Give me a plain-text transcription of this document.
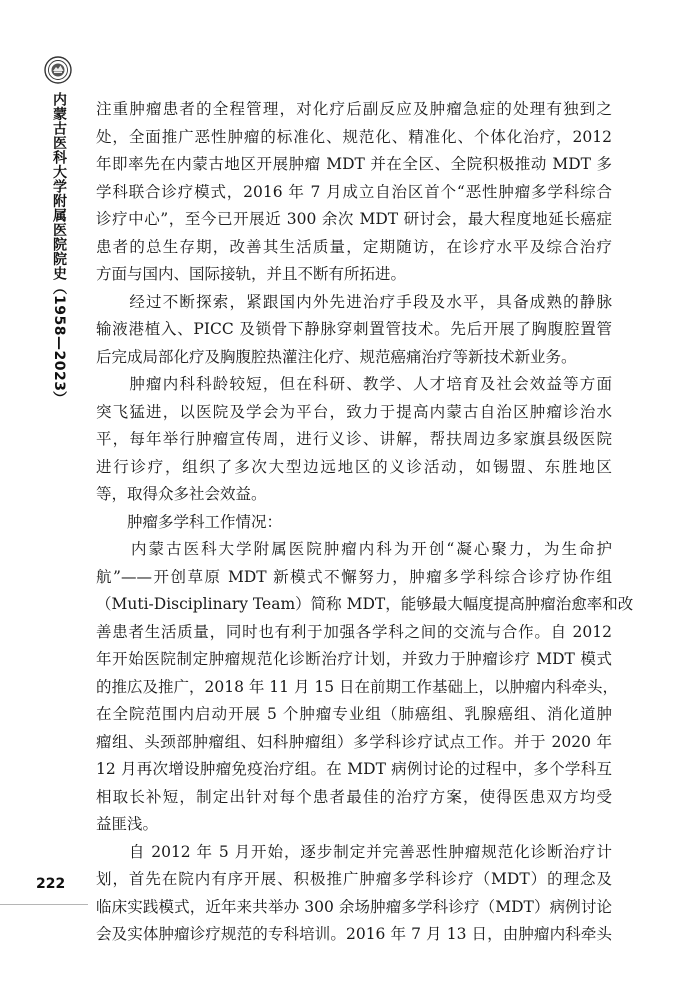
内蒙古医科大学附属医院院史（1958—2023）
222
注重肿瘤患者的全程管理，对化疗后副反应及肿瘤急症的处理有独到之
处，全面推广恶性肿瘤的标准化、规范化、精准化、个体化治疗，2012
年即率先在内蒙古地区开展肿瘤 MDT 并在全区、全院积极推动 MDT 多
学科联合诊疗模式，2016 年 7 月成立自治区首个“恶性肿瘤多学科综合
诊疗中心”，至今已开展近 300 余次 MDT 研讨会，最大程度地延长癌症
患者的总生存期，改善其生活质量，定期随访，在诊疗水平及综合治疗
方面与国内、国际接轨，并且不断有所拓进。
　　经过不断探索，紧跟国内外先进治疗手段及水平，具备成熟的静脉
输液港植入、PICC 及锁骨下静脉穿刺置管技术。先后开展了胸腹腔置管
后完成局部化疗及胸腹腔热灌注化疗、规范癌痛治疗等新技术新业务。
　　肿瘤内科科龄较短，但在科研、教学、人才培育及社会效益等方面
突飞猛进，以医院及学会为平台，致力于提高内蒙古自治区肿瘤诊治水
平，每年举行肿瘤宣传周，进行义诊、讲解，帮扶周边多家旗县级医院
进行诊疗，组织了多次大型边远地区的义诊活动，如锡盟、东胜地区
等，取得众多社会效益。
　　肿瘤多学科工作情况：
　　内蒙古医科大学附属医院肿瘤内科为开创“凝心聚力，为生命护
航”——开创草原 MDT 新模式不懈努力，肿瘤多学科综合诊疗协作组
（Muti-Disciplinary Team）简称 MDT，能够最大幅度提高肿瘤治愈率和改
善患者生活质量，同时也有利于加强各学科之间的交流与合作。自 2012
年开始医院制定肿瘤规范化诊断治疗计划，并致力于肿瘤诊疗 MDT 模式
的推広及推广，2018 年 11 月 15 日在前期工作基础上，以肿瘤内科牵头，
在全院范围内启动开展 5 个肿瘤专业组（肺癌组、乳腺癌组、消化道肿
瘤组、头颈部肿瘤组、妇科肿瘤组）多学科诊疗试点工作。并于 2020 年
12 月再次增设肿瘤免疫治疗组。在 MDT 病例讨论的过程中，多个学科互
相取长补短，制定出针对每个患者最佳的治疗方案，使得医患双方均受
益匪浅。
　　自 2012 年 5 月开始，逐步制定并完善恶性肿瘤规范化诊断治疗计
划，首先在院内有序开展、积极推广肿瘤多学科诊疗（MDT）的理念及
临床实践模式，近年来共举办 300 余场肿瘤多学科诊疗（MDT）病例讨论
会及实体肿瘤诊疗规范的专科培训。2016 年 7 月 13 日，由肿瘤内科牵头
